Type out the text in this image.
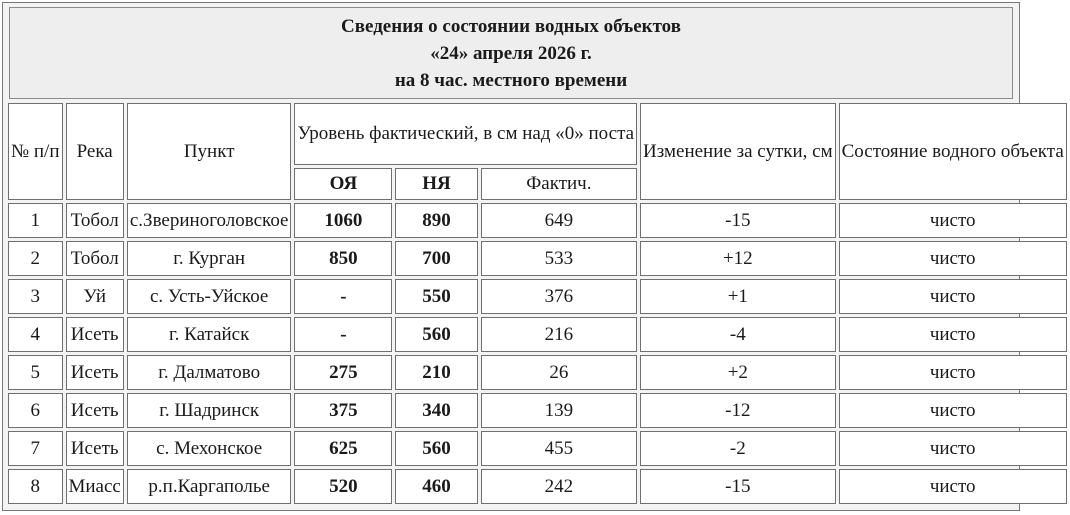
Сведения о состоянии водных объектов
«24» апреля 2026 г.
на 8 час. местного времени
№ п/п	Река	Пункт	Уровень фактический, в см над «0» поста			Изменение за сутки, см	Состояние водного объекта
			ОЯ	НЯ	Фактич.		
1	Тобол	с.Звериноголовское	1060	890	649	-15	чисто
2	Тобол	г. Курган	850	700	533	+12	чисто
3	Уй	с. Усть-Уйское	-	550	376	+1	чисто
4	Исеть	г. Катайск	-	560	216	-4	чисто
5	Исеть	г. Далматово	275	210	26	+2	чисто
6	Исеть	г. Шадринск	375	340	139	-12	чисто
7	Исеть	с. Мехонское	625	560	455	-2	чисто
8	Миасс	р.п.Каргаполье	520	460	242	-15	чисто
